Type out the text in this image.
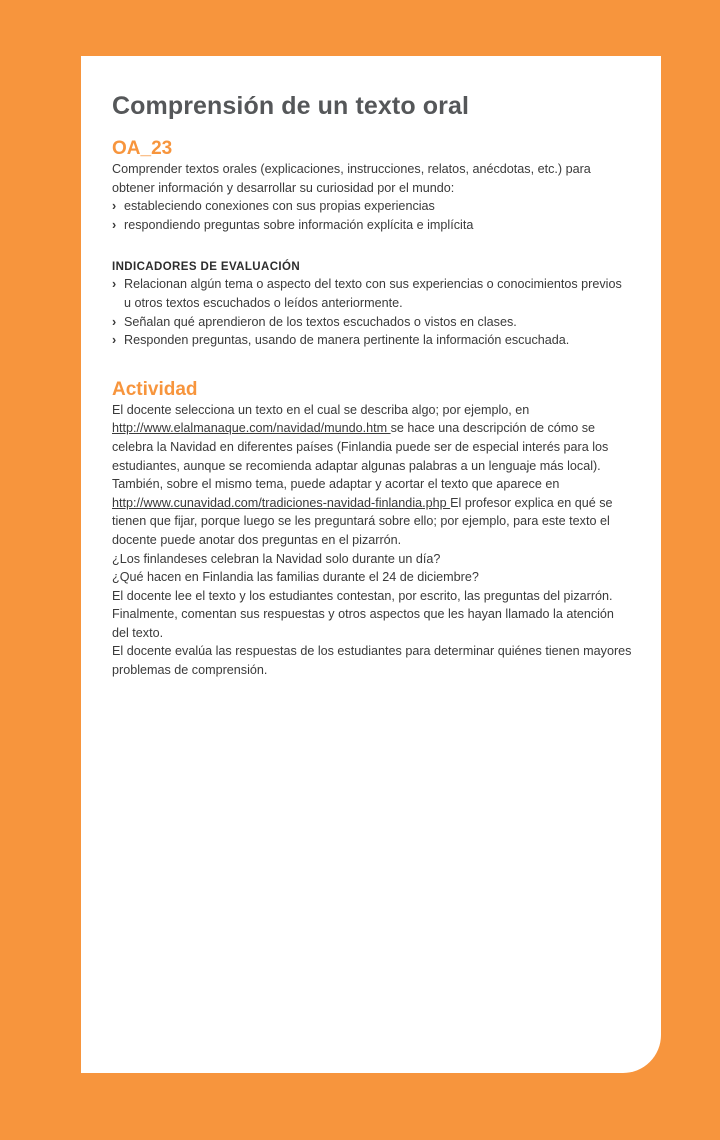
Comprensión de un texto oral
OA_23

Comprender textos orales (explicaciones, instrucciones, relatos, anécdotas, etc.) para obtener información y desarrollar su curiosidad por el mundo:

› estableciendo conexiones con sus propias experiencias
› respondiendo preguntas sobre información explícita e implícita
INDICADORES DE EVALUACIÓN
› Relacionan algún tema o aspecto del texto con sus experiencias o conocimientos previos u otros textos escuchados o leídos anteriormente.
› Señalan qué aprendieron de los textos escuchados o vistos en clases.
› Responden preguntas, usando de manera pertinente la información escuchada.
Actividad

El docente selecciona un texto en el cual se describa algo; por ejemplo, en http://www.elalmanaque.com/navidad/mundo.htm se hace una descripción de cómo se celebra la Navidad en diferentes países (Finlandia puede ser de especial interés para los estudiantes, aunque se recomienda adaptar algunas palabras a un lenguaje más local). También, sobre el mismo tema, puede adaptar y acortar el texto que aparece en http://www.cunavidad.com/tradiciones-navidad-finlandia.php El profesor explica en qué se tienen que fijar, porque luego se les preguntará sobre ello; por ejemplo, para este texto el docente puede anotar dos preguntas en el pizarrón.

¿Los finlandeses celebran la Navidad solo durante un día?

¿Qué hacen en Finlandia las familias durante el 24 de diciembre?

El docente lee el texto y los estudiantes contestan, por escrito, las preguntas del pizarrón. Finalmente, comentan sus respuestas y otros aspectos que les hayan llamado la atención del texto.

El docente evalúa las respuestas de los estudiantes para determinar quiénes tienen mayores problemas de comprensión.
